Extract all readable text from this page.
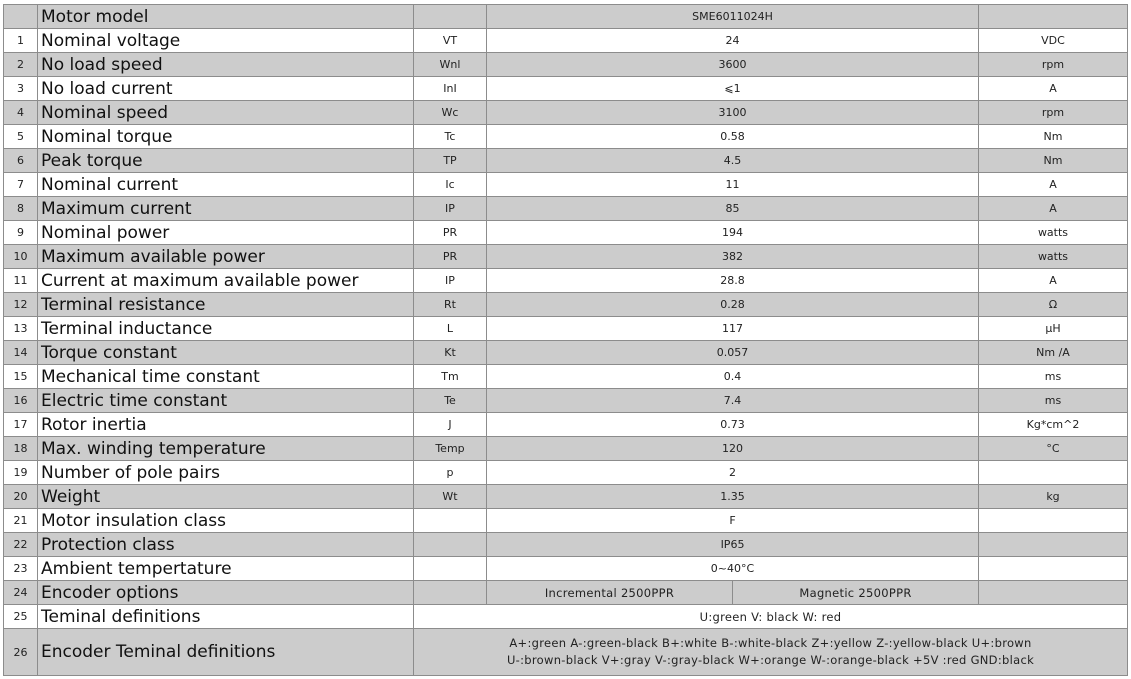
	Motor model		SME6011024H		
1	Nominal voltage	VT	24		VDC
2	No load speed	Wnl	3600		rpm
3	No load current	InI	⩽1		A
4	Nominal speed	Wc	3100		rpm
5	Nominal torque	Tc	0.58		Nm
6	Peak torque	TP	4.5		Nm
7	Nominal current	Ic	11		A
8	Maximum current	IP	85		A
9	Nominal power	PR	194		watts
10	Maximum available power	PR	382		watts
11	Current at maximum available power	IP	28.8		A
12	Terminal resistance	Rt	0.28		Ω
13	Terminal inductance	L	117		μH
14	Torque constant	Kt	0.057		Nm /A
15	Mechanical time constant	Tm	0.4		ms
16	Electric time constant	Te	7.4		ms
17	Rotor inertia	J	0.73		Kg*cm^2
18	Max. winding temperature	Temp	120		°C
19	Number of pole pairs	p	2		
20	Weight	Wt	1.35		kg
21	Motor insulation class		F		
22	Protection class		IP65		
23	Ambient tempertature		0~40°C		
24	Encoder options		Incremental 2500PPR	Magnetic 2500PPR	
25	Teminal definitions	U:green V: black W: red			
26	Encoder Teminal definitions	A+:green A-:green-black B+:white B-:white-black Z+:yellow Z-:yellow-black U+:brown
U-:brown-black V+:gray V-:gray-black W+:orange W-:orange-black +5V :red GND:black			
